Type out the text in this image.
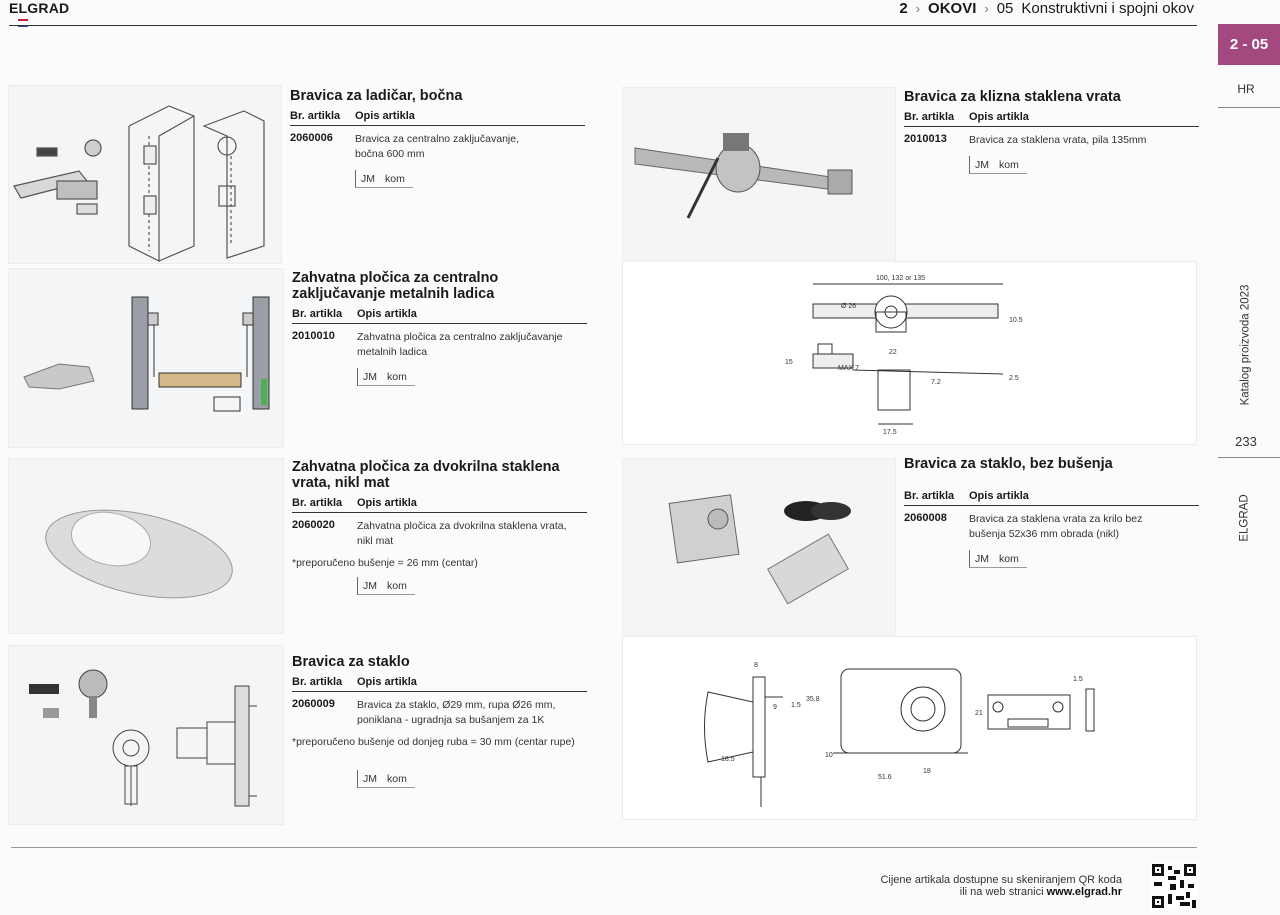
ELGRAD	2 › OKOVI › 05 Konstruktivni i spojni okov
2 - 05
HR
Katalog proizvoda 2023
233
ELGRAD
Bravica za ladičar, bočna
Br. artikla	Opis artikla
2060006	Bravica za centralno zaključavanje, bočna 600 mm
JM kom
Zahvatna pločica za centralno zaključavanje metalnih ladica
Br. artikla	Opis artikla
2010010	Zahvatna pločica za centralno zaključavanje metalnih ladica
JM kom
Zahvatna pločica za dvokrilna staklena vrata, nikl mat
Br. artikla	Opis artikla
2060020	Zahvatna pločica za dvokrilna staklena vrata, nikl mat
*preporučeno bušenje = 26 mm (centar)
JM kom
Bravica za staklo
Br. artikla	Opis artikla
2060009	Bravica za staklo, Ø29 mm, rupa Ø26 mm, poniklana - ugradnja sa bušanjem za 1K
*preporučeno bušenje od donjeg ruba = 30 mm (centar rupe)
JM kom
Bravica za klizna staklena vrata
Br. artikla	Opis artikla
2010013	Bravica za staklena vrata, pila 135mm
JM kom
100, 132 or 135
Ø 26
22
10.5
15
MAX 7
7.2
2.5
17.5
Bravica za staklo, bez bušenja
Br. artikla	Opis artikla
2060008	Bravica za staklena vrata za krilo bez bušenja 52x36 mm obrada (nikl)
JM kom
8
35.8
9 1.5
18.5
10
51.6
18
21
1.5
Cijene artikala dostupne su skeniranjem QR koda
ili na web stranici www.elgrad.hr
